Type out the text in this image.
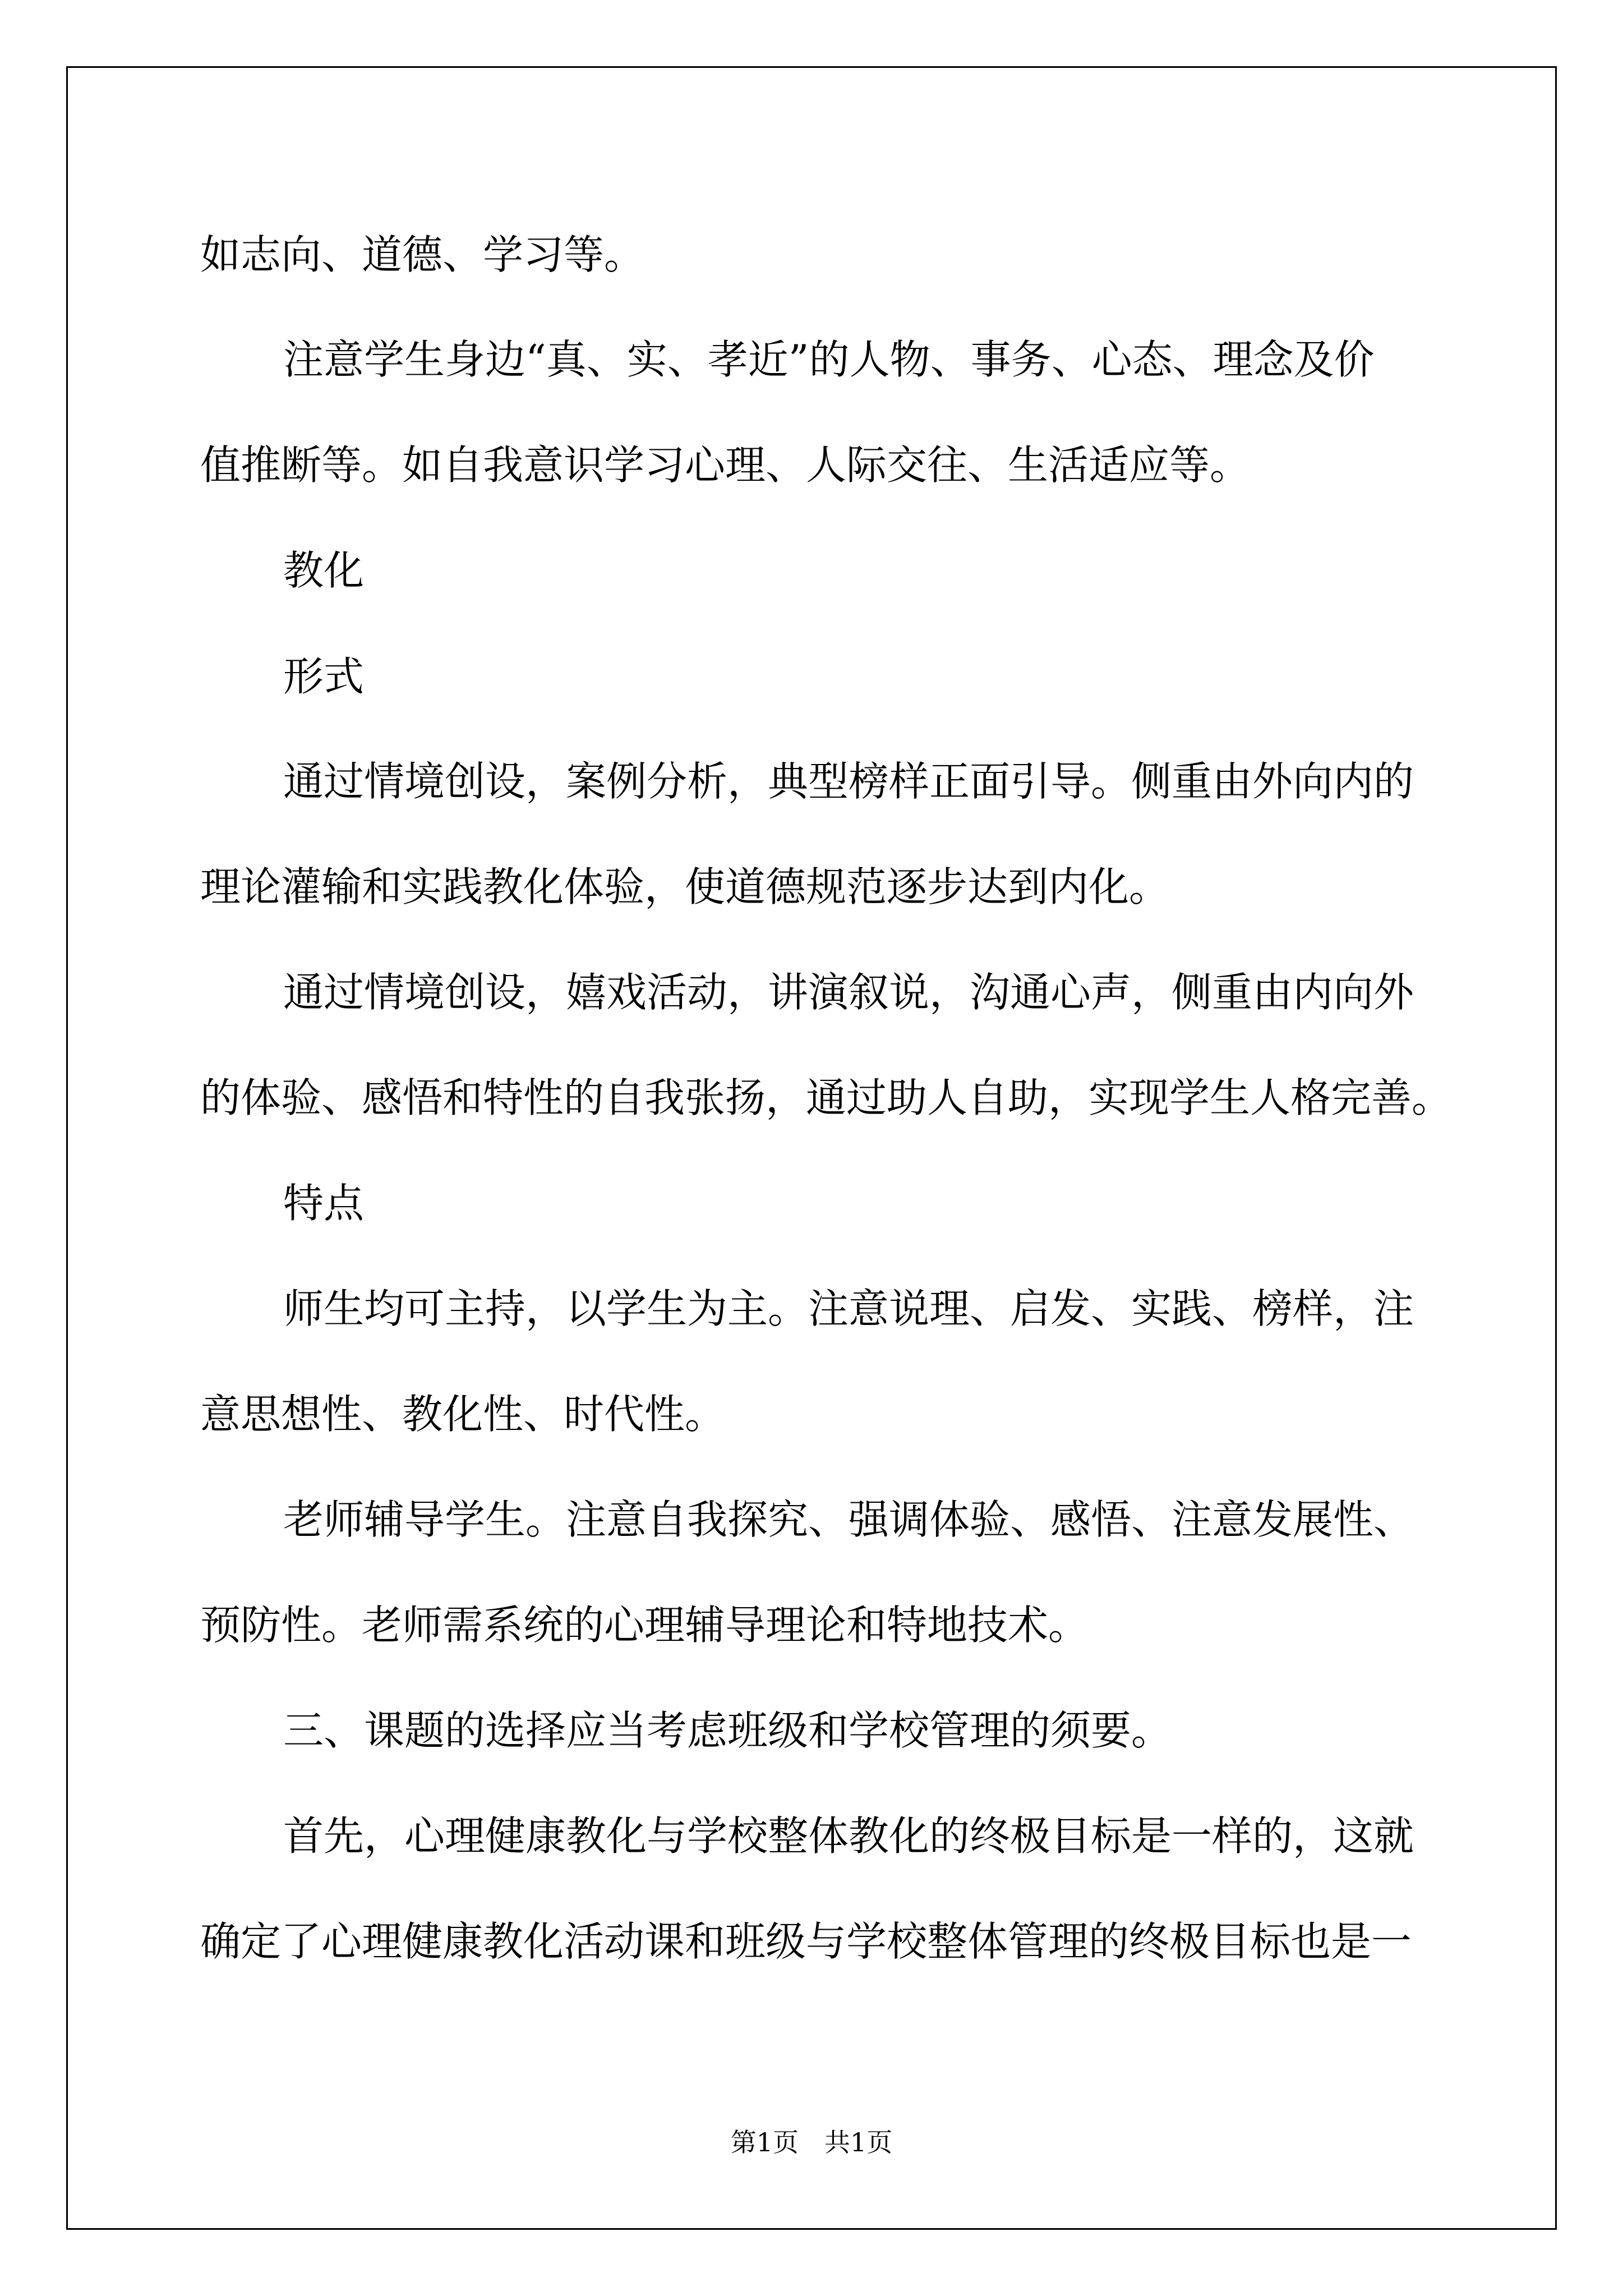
如志向、道德、学习等。
注意学生身边“真、实、孝近”的人物、事务、心态、理念及价
值推断等。如自我意识学习心理、人际交往、生活适应等。
教化
形式
通过情境创设，案例分析，典型榜样正面引导。侧重由外向内的
理论灌输和实践教化体验，使道德规范逐步达到内化。
通过情境创设，嬉戏活动，讲演叙说，沟通心声，侧重由内向外
的体验、感悟和特性的自我张扬，通过助人自助，实现学生人格完善。
特点
师生均可主持，以学生为主。注意说理、启发、实践、榜样，注
意思想性、教化性、时代性。
老师辅导学生。注意自我探究、强调体验、感悟、注意发展性、
预防性。老师需系统的心理辅导理论和特地技术。
三、课题的选择应当考虑班级和学校管理的须要。
首先，心理健康教化与学校整体教化的终极目标是一样的，这就
确定了心理健康教化活动课和班级与学校整体管理的终极目标也是一
第1页　共1页
